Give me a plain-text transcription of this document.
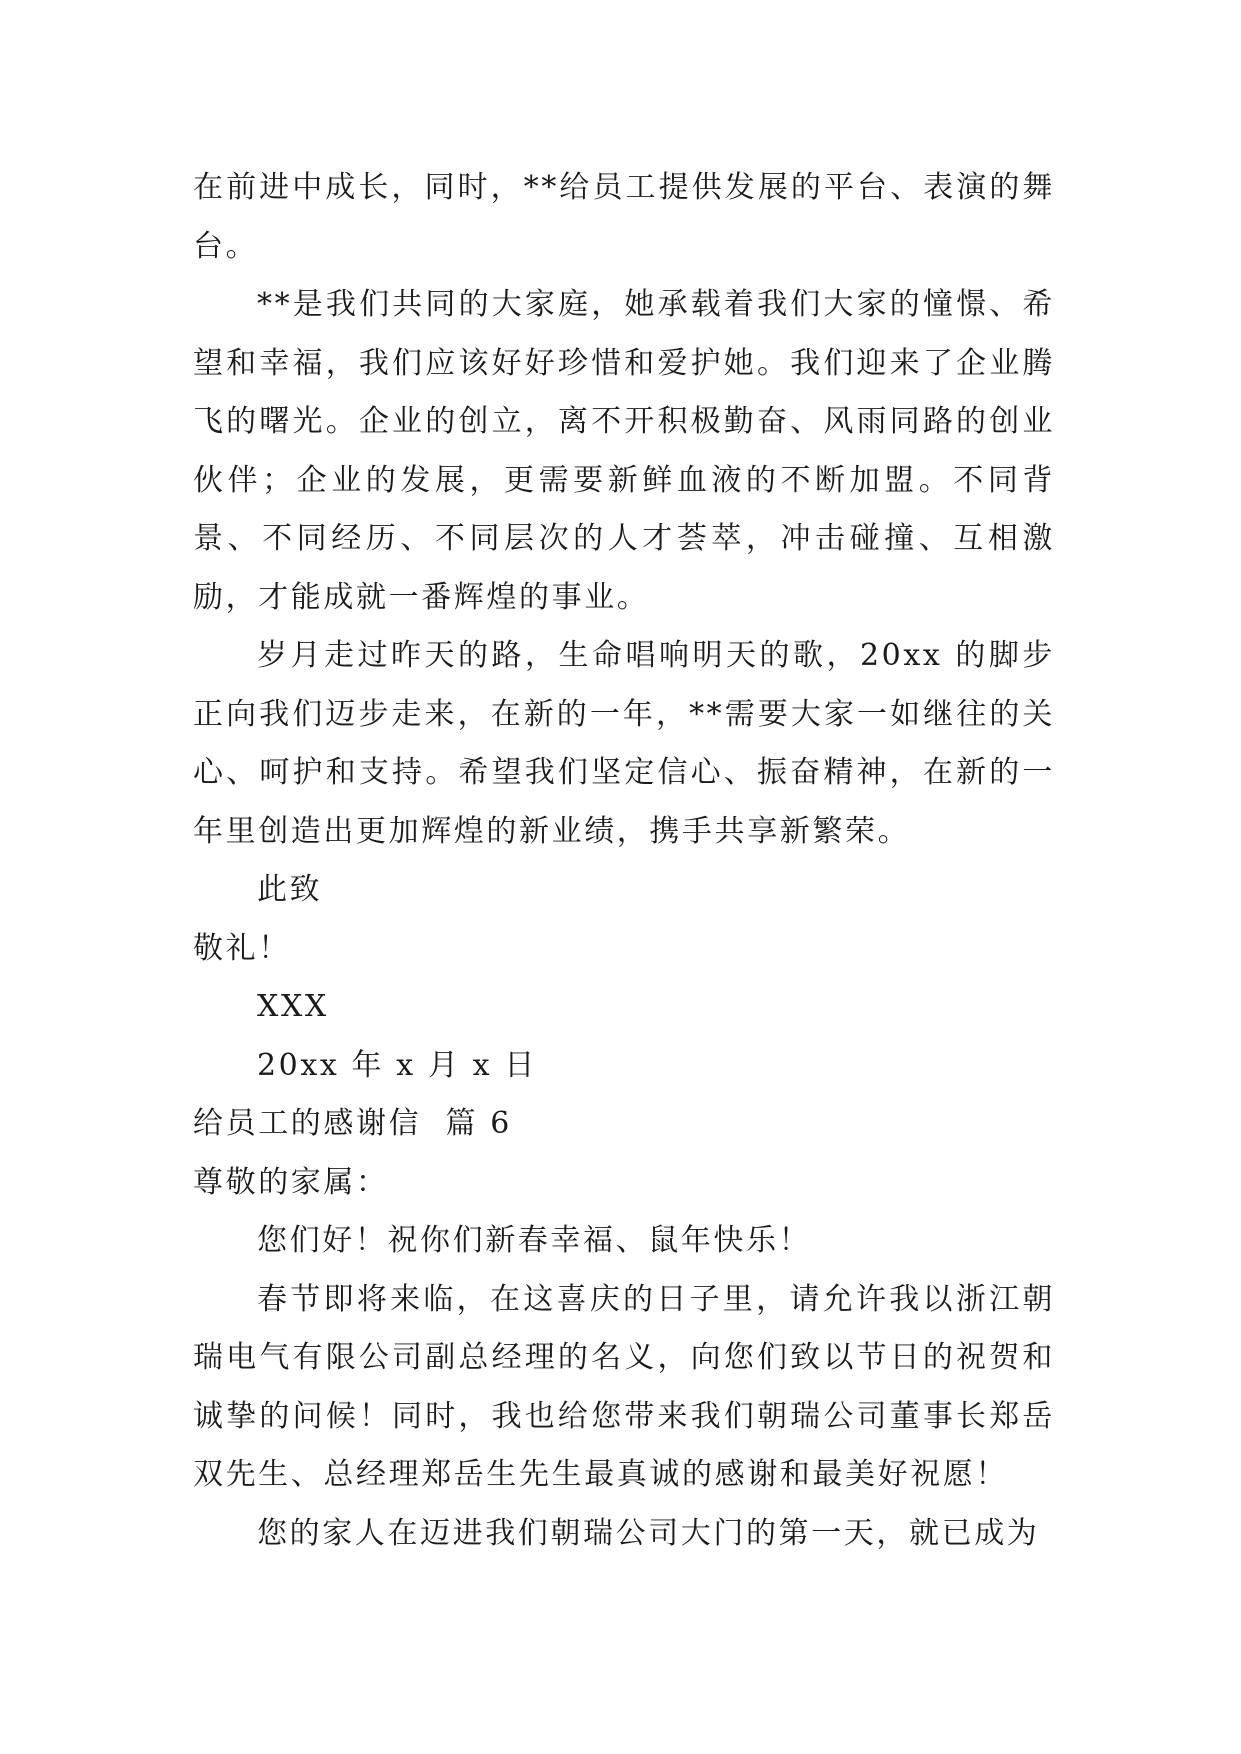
在前进中成长，同时，**给员工提供发展的平台、表演的舞台。

**是我们共同的大家庭，她承载着我们大家的憧憬、希望和幸福，我们应该好好珍惜和爱护她。我们迎来了企业腾飞的曙光。企业的创立，离不开积极勤奋、风雨同路的创业伙伴；企业的发展，更需要新鲜血液的不断加盟。不同背景、不同经历、不同层次的人才荟萃，冲击碰撞、互相激励，才能成就一番辉煌的事业。

岁月走过昨天的路，生命唱响明天的歌，20xx 的脚步正向我们迈步走来，在新的一年，**需要大家一如继往的关心、呵护和支持。希望我们坚定信心、振奋精神，在新的一年里创造出更加辉煌的新业绩，携手共享新繁荣。

此致

敬礼！

XXX

20xx 年 x 月 x 日

给员工的感谢信  篇 6

尊敬的家属：

您们好！祝你们新春幸福、鼠年快乐！

春节即将来临，在这喜庆的日子里，请允许我以浙江朝瑞电气有限公司副总经理的名义，向您们致以节日的祝贺和诚挚的问候！同时，我也给您带来我们朝瑞公司董事长郑岳双先生、总经理郑岳生先生最真诚的感谢和最美好祝愿！

您的家人在迈进我们朝瑞公司大门的第一天，就已成为
